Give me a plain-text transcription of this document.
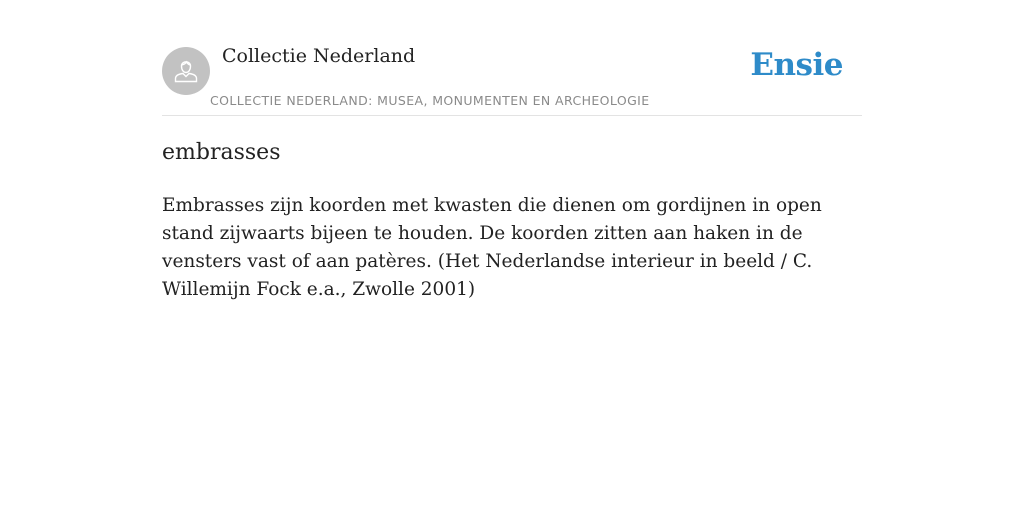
Collectie Nederland
COLLECTIE NEDERLAND: MUSEA, MONUMENTEN EN ARCHEOLOGIE
Ensie
embrasses

Embrasses zijn koorden met kwasten die dienen om gordijnen in open stand zijwaarts bijeen te houden. De koorden zitten aan haken in de vensters vast of aan patères. (Het Nederlandse interieur in beeld / C. Willemijn Fock e.a., Zwolle 2001)
